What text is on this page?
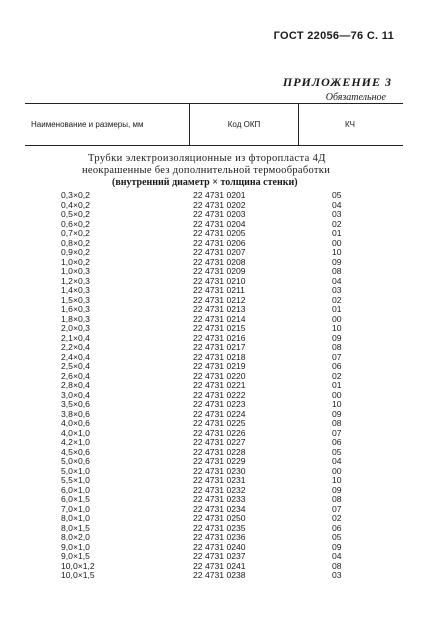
ГОСТ 22056—76 С. 11
ПРИЛОЖЕНИЕ 3
Обязательное
Наименование и размеры, мм	Код ОКП	КЧ
Трубки электроизоляционные из фторопласта 4Д
неокрашенные без дополнительной термообработки
(внутренний диаметр × толщина стенки)
0,3×0,2	22 4731 0201	05
0,4×0,2	22 4731 0202	04
0,5×0,2	22 4731 0203	03
0,6×0,2	22 4731 0204	02
0,7×0,2	22 4731 0205	01
0,8×0,2	22 4731 0206	00
0,9×0,2	22 4731 0207	10
1,0×0,2	22 4731 0208	09
1,0×0,3	22 4731 0209	08
1,2×0,3	22 4731 0210	04
1,4×0,3	22 4731 0211	03
1,5×0,3	22 4731 0212	02
1,6×0,3	22 4731 0213	01
1,8×0,3	22 4731 0214	00
2,0×0,3	22 4731 0215	10
2,1×0,4	22 4731 0216	09
2,2×0,4	22 4731 0217	08
2,4×0,4	22 4731 0218	07
2,5×0,4	22 4731 0219	06
2,6×0,4	22 4731 0220	02
2,8×0,4	22 4731 0221	01
3,0×0,4	22 4731 0222	00
3,5×0,6	22 4731 0223	10
3,8×0,6	22 4731 0224	09
4,0×0,6	22 4731 0225	08
4,0×1,0	22 4731 0226	07
4,2×1,0	22 4731 0227	06
4,5×0,6	22 4731 0228	05
5,0×0,6	22 4731 0229	04
5,0×1,0	22 4731 0230	00
5,5×1,0	22 4731 0231	10
6,0×1,0	22 4731 0232	09
6,0×1,5	22 4731 0233	08
7,0×1,0	22 4731 0234	07
8,0×1,0	22 4731 0250	02
8,0×1,5	22 4731 0235	06
8,0×2,0	22 4731 0236	05
9,0×1,0	22 4731 0240	09
9,0×1,5	22 4731 0237	04
10,0×1,2	22 4731 0241	08
10,0×1,5	22 4731 0238	03
